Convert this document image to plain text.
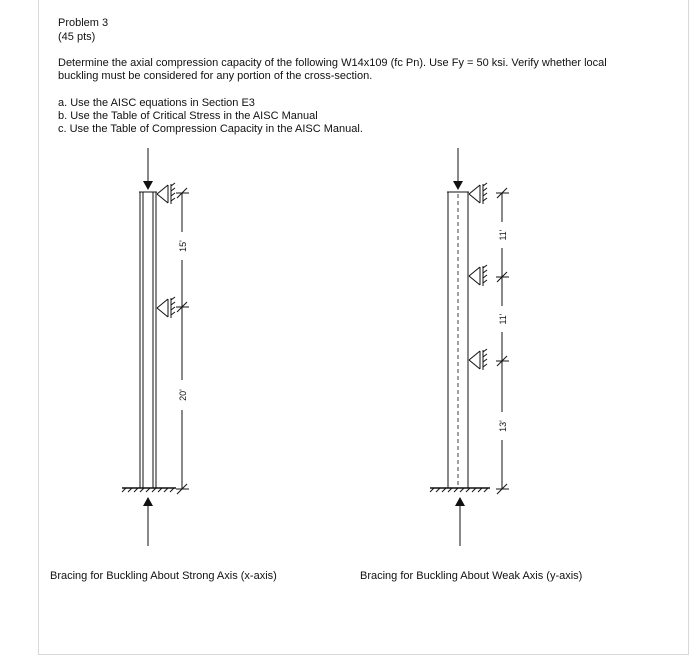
Problem 3
(45 pts)
Determine the axial compression capacity of the following W14x109 (fc Pn). Use Fy = 50 ksi. Verify whether local
buckling must be considered for any portion of the cross-section.
a. Use the AISC equations in Section E3
b. Use the Table of Critical Stress in the AISC Manual
c. Use the Table of Compression Capacity in the AISC Manual.
15'
20'
11'
11'
13'
Bracing for Buckling About Strong Axis (x-axis)	Bracing for Buckling About Weak Axis (y-axis)
